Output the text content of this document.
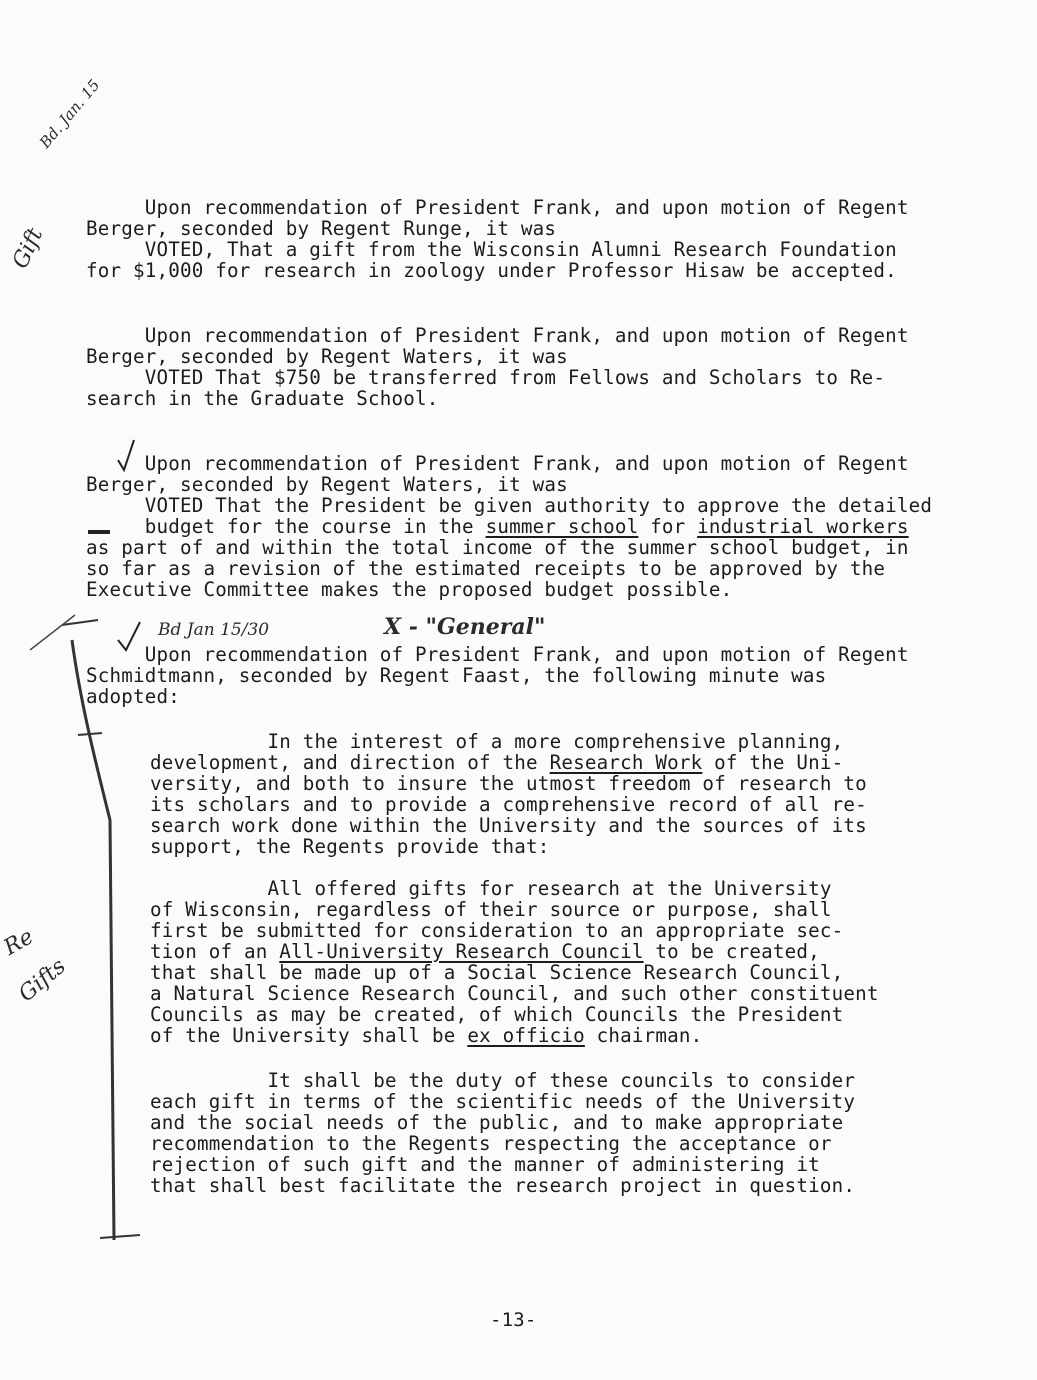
Bd. Jan. 15
Gift
Re
Gifts
Bd Jan 15/30	X - "General"
Upon recommendation of President Frank, and upon motion of Regent
Berger, seconded by Regent Runge, it was
VOTED, That a gift from the Wisconsin Alumni Research Foundation
for $1,000 for research in zoology under Professor Hisaw be accepted.
Upon recommendation of President Frank, and upon motion of Regent
Berger, seconded by Regent Waters, it was
VOTED That $750 be transferred from Fellows and Scholars to Re-
search in the Graduate School.
Upon recommendation of President Frank, and upon motion of Regent
Berger, seconded by Regent Waters, it was
VOTED That the President be given authority to approve the detailed
budget for the course in the summer school for industrial workers
as part of and within the total income of the summer school budget, in
so far as a revision of the estimated receipts to be approved by the
Executive Committee makes the proposed budget possible.
Upon recommendation of President Frank, and upon motion of Regent
Schmidtmann, seconded by Regent Faast, the following minute was
adopted:
In the interest of a more comprehensive planning,
development, and direction of the Research Work of the Uni-
versity, and both to insure the utmost freedom of research to
its scholars and to provide a comprehensive record of all re-
search work done within the University and the sources of its
support, the Regents provide that:
All offered gifts for research at the University
of Wisconsin, regardless of their source or purpose, shall
first be submitted for consideration to an appropriate sec-
tion of an All-University Research Council to be created,
that shall be made up of a Social Science Research Council,
a Natural Science Research Council, and such other constituent
Councils as may be created, of which Councils the President
of the University shall be ex officio chairman.
It shall be the duty of these councils to consider
each gift in terms of the scientific needs of the University
and the social needs of the public, and to make appropriate
recommendation to the Regents respecting the acceptance or
rejection of such gift and the manner of administering it
that shall best facilitate the research project in question.
-13-
